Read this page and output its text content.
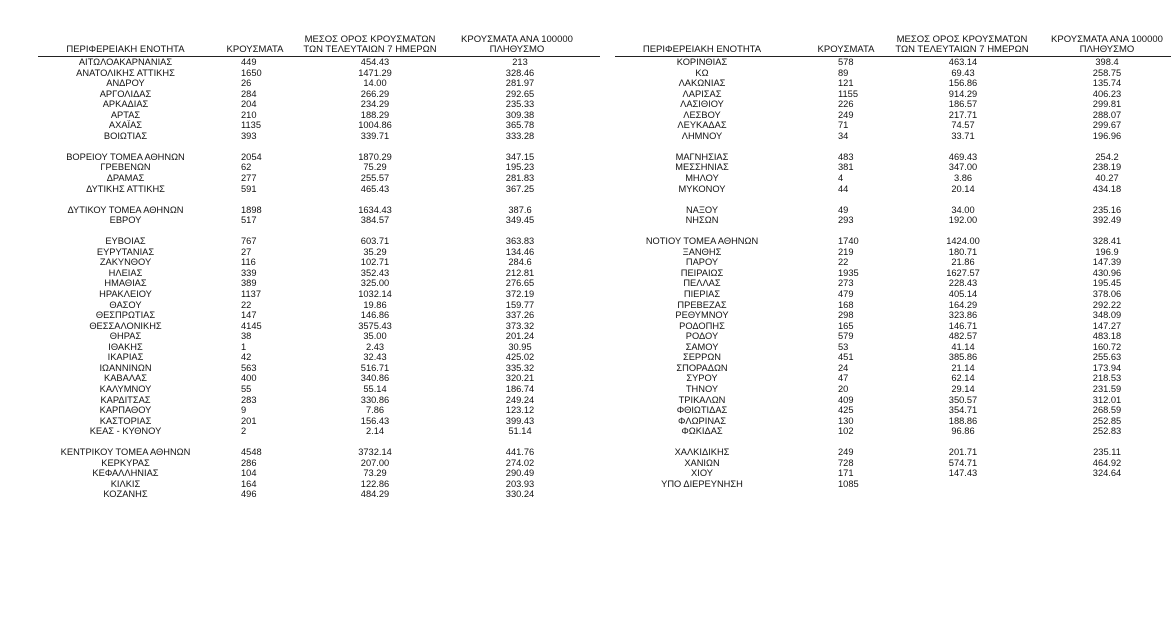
ΠΕΡΙΦΕΡΕΙΑΚΗ ΕΝΟΤΗΤΑ	ΚΡΟΥΣΜΑΤΑ
ΜΕΣΟΣ ΟΡΟΣ ΚΡΟΥΣΜΑΤΩΝ
ΤΩΝ ΤΕΛΕΥΤΑΙΩΝ 7 ΗΜΕΡΩΝ
ΚΡΟΥΣΜΑΤΑ ΑΝΑ 100000
ΠΛΗΘΥΣΜΟ
ΑΙΤΩΛΟΑΚΑΡΝΑΝΙΑΣ
ΑΝΑΤΟΛΙΚΗΣ ΑΤΤΙΚΗΣ
ΑΝΔΡΟΥ
ΑΡΓΟΛΙΔΑΣ
ΑΡΚΑΔΙΑΣ
ΑΡΤΑΣ
ΑΧΑΪΑΣ
ΒΟΙΩΤΙΑΣ

ΒΟΡΕΙΟΥ ΤΟΜΕΑ ΑΘΗΝΩΝ
ΓΡΕΒΕΝΩΝ
ΔΡΑΜΑΣ
ΔΥΤΙΚΗΣ ΑΤΤΙΚΗΣ

ΔΥΤΙΚΟΥ ΤΟΜΕΑ ΑΘΗΝΩΝ
ΕΒΡΟΥ

ΕΥΒΟΙΑΣ
ΕΥΡΥΤΑΝΙΑΣ
ΖΑΚΥΝΘΟΥ
ΗΛΕΙΑΣ
ΗΜΑΘΙΑΣ
ΗΡΑΚΛΕΙΟΥ
ΘΑΣΟΥ
ΘΕΣΠΡΩΤΙΑΣ
ΘΕΣΣΑΛΟΝΙΚΗΣ
ΘΗΡΑΣ
ΙΘΑΚΗΣ
ΙΚΑΡΙΑΣ
ΙΩΑΝΝΙΝΩΝ
ΚΑΒΑΛΑΣ
ΚΑΛΥΜΝΟΥ
ΚΑΡΔΙΤΣΑΣ
ΚΑΡΠΑΘΟΥ
ΚΑΣΤΟΡΙΑΣ
ΚΕΑΣ - ΚΥΘΝΟΥ

ΚΕΝΤΡΙΚΟΥ ΤΟΜΕΑ ΑΘΗΝΩΝ
ΚΕΡΚΥΡΑΣ
ΚΕΦΑΛΛΗΝΙΑΣ
ΚΙΛΚΙΣ
ΚΟΖΑΝΗΣ
449
1650
26
284
204
210
1135
393

2054
62
277
591

1898
517

767
27
116
339
389
1137
22
147
4145
38
1
42
563
400
55
283
9
201
2

4548
286
104
164
496
454.43
1471.29
14.00
266.29
234.29
188.29
1004.86
339.71

1870.29
75.29
255.57
465.43

1634.43
384.57

603.71
35.29
102.71
352.43
325.00
1032.14
19.86
146.86
3575.43
35.00
2.43
32.43
516.71
340.86
55.14
330.86
7.86
156.43
2.14

3732.14
207.00
73.29
122.86
484.29
213
328.46
281.97
292.65
235.33
309.38
365.78
333.28

347.15
195.23
281.83
367.25

387.6
349.45

363.83
134.46
284.6
212.81
276.65
372.19
159.77
337.26
373.32
201.24
30.95
425.02
335.32
320.21
186.74
249.24
123.12
399.43
51.14

441.76
274.02
290.49
203.93
330.24
ΠΕΡΙΦΕΡΕΙΑΚΗ ΕΝΟΤΗΤΑ	ΚΡΟΥΣΜΑΤΑ
ΜΕΣΟΣ ΟΡΟΣ ΚΡΟΥΣΜΑΤΩΝ
ΤΩΝ ΤΕΛΕΥΤΑΙΩΝ 7 ΗΜΕΡΩΝ
ΚΡΟΥΣΜΑΤΑ ΑΝΑ 100000
ΠΛΗΘΥΣΜΟ
ΚΟΡΙΝΘΙΑΣ
ΚΩ
ΛΑΚΩΝΙΑΣ
ΛΑΡΙΣΑΣ
ΛΑΣΙΘΙΟΥ
ΛΕΣΒΟΥ
ΛΕΥΚΑΔΑΣ
ΛΗΜΝΟΥ

ΜΑΓΝΗΣΙΑΣ
ΜΕΣΣΗΝΙΑΣ
ΜΗΛΟΥ
ΜΥΚΟΝΟΥ

ΝΑΞΟΥ
ΝΗΣΩΝ

ΝΟΤΙΟΥ ΤΟΜΕΑ ΑΘΗΝΩΝ
ΞΑΝΘΗΣ
ΠΑΡΟΥ
ΠΕΙΡΑΙΩΣ
ΠΕΛΛΑΣ
ΠΙΕΡΙΑΣ
ΠΡΕΒΕΖΑΣ
ΡΕΘΥΜΝΟΥ
ΡΟΔΟΠΗΣ
ΡΟΔΟΥ
ΣΑΜΟΥ
ΣΕΡΡΩΝ
ΣΠΟΡΑΔΩΝ
ΣΥΡΟΥ
ΤΗΝΟΥ
ΤΡΙΚΑΛΩΝ
ΦΘΙΩΤΙΔΑΣ
ΦΛΩΡΙΝΑΣ
ΦΩΚΙΔΑΣ

ΧΑΛΚΙΔΙΚΗΣ
ΧΑΝΙΩΝ
ΧΙΟΥ
ΥΠΟ ΔΙΕΡΕΥΝΗΣΗ
578
89
121
1155
226
249
71
34

483
381
4
44

49
293

1740
219
22
1935
273
479
168
298
165
579
53
451
24
47
20
409
425
130
102

249
728
171
1085
463.14
69.43
156.86
914.29
186.57
217.71
74.57
33.71

469.43
347.00
3.86
20.14

34.00
192.00

1424.00
180.71
21.86
1627.57
228.43
405.14
164.29
323.86
146.71
482.57
41.14
385.86
21.14
62.14
29.14
350.57
354.71
188.86
96.86

201.71
574.71
147.43

398.4
258.75
135.74
406.23
299.81
288.07
299.67
196.96

254.2
238.19
40.27
434.18

235.16
392.49

328.41
196.9
147.39
430.96
195.45
378.06
292.22
348.09
147.27
483.18
160.72
255.63
173.94
218.53
231.59
312.01
268.59
252.85
252.83

235.11
464.92
324.64
